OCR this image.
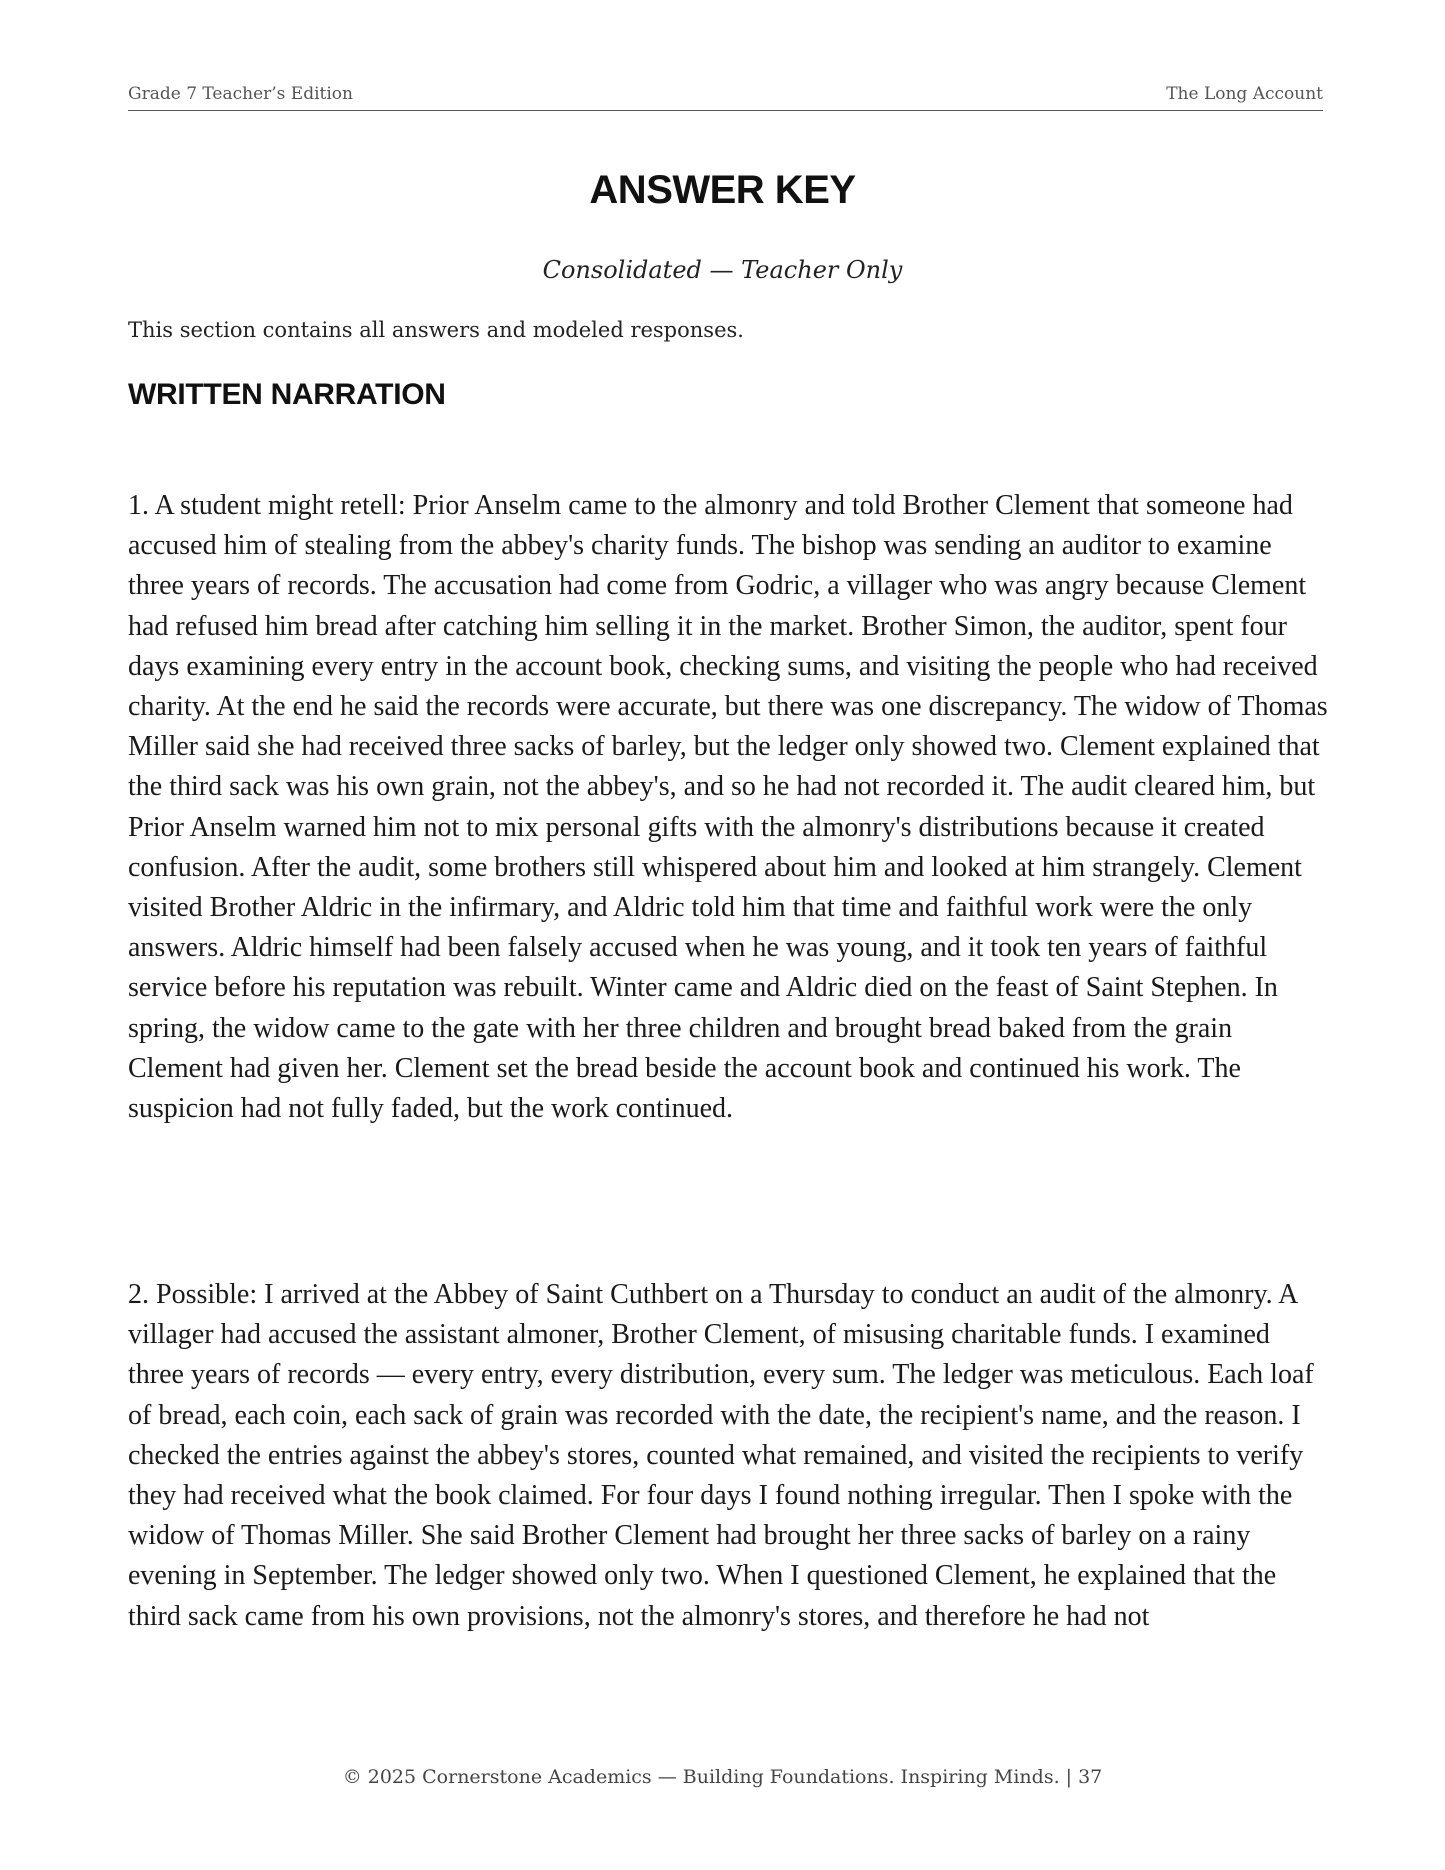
Grade 7 Teacher’s Edition	The Long Account
ANSWER KEY
Consolidated — Teacher Only
This section contains all answers and modeled responses.
WRITTEN NARRATION

1. A student might retell: Prior Anselm came to the almonry and told Brother Clement that someone had accused him of stealing from the abbey's charity funds. The bishop was sending an auditor to examine three years of records. The accusation had come from Godric, a villager who was angry because Clement had refused him bread after catching him selling it in the market. Brother Simon, the auditor, spent four days examining every entry in the account book, checking sums, and visiting the people who had received charity. At the end he said the records were accurate, but there was one discrepancy. The widow of Thomas Miller said she had received three sacks of barley, but the ledger only showed two. Clement explained that the third sack was his own grain, not the abbey's, and so he had not recorded it. The audit cleared him, but Prior Anselm warned him not to mix personal gifts with the almonry's distributions because it created confusion. After the audit, some brothers still whispered about him and looked at him strangely. Clement visited Brother Aldric in the infirmary, and Aldric told him that time and faithful work were the only answers. Aldric himself had been falsely accused when he was young, and it took ten years of faithful service before his reputation was rebuilt. Winter came and Aldric died on the feast of Saint Stephen. In spring, the widow came to the gate with her three children and brought bread baked from the grain Clement had given her. Clement set the bread beside the account book and continued his work. The suspicion had not fully faded, but the work continued.

2. Possible: I arrived at the Abbey of Saint Cuthbert on a Thursday to conduct an audit of the almonry. A villager had accused the assistant almoner, Brother Clement, of misusing charitable funds. I examined three years of records — every entry, every distribution, every sum. The ledger was meticulous. Each loaf of bread, each coin, each sack of grain was recorded with the date, the recipient's name, and the reason. I checked the entries against the abbey's stores, counted what remained, and visited the recipients to verify they had received what the book claimed. For four days I found nothing irregular. Then I spoke with the widow of Thomas Miller. She said Brother Clement had brought her three sacks of barley on a rainy evening in September. The ledger showed only two. When I questioned Clement, he explained that the third sack came from his own provisions, not the almonry's stores, and therefore he had not

© 2025 Cornerstone Academics — Building Foundations. Inspiring Minds. | 37
